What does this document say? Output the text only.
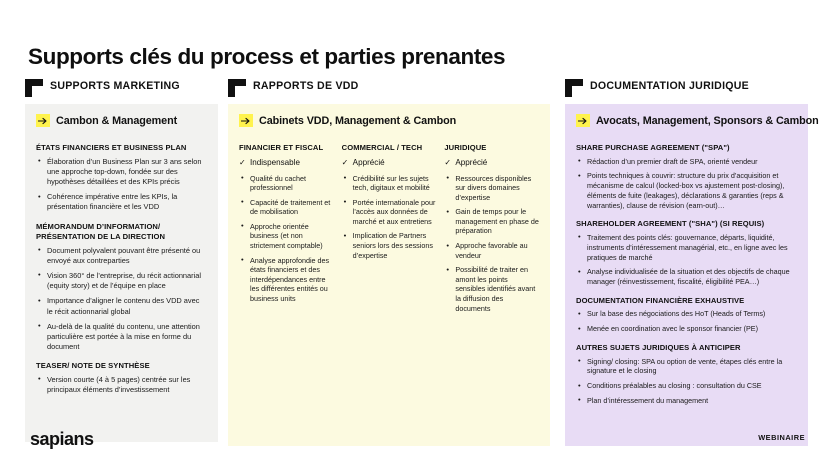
Supports clés du process et parties prenantes
SUPPORTS MARKETING
Cambon & Management
ÉTATS FINANCIERS ET BUSINESS PLAN
• Élaboration d’un Business Plan sur 3 ans selon une approche top-down, fondée sur des hypothèses détaillées et des KPIs précis
• Cohérence impérative entre les KPIs, la présentation financière et les VDD
MÉMORANDUM D’INFORMATION/ PRÉSENTATION DE LA DIRECTION
• Document polyvalent pouvant être présenté ou envoyé aux contreparties
• Vision 360° de l’entreprise, du récit actionnarial (equity story) et de l’équipe en place
• Importance d’aligner le contenu des VDD avec le récit actionnarial global
• Au-delà de la qualité du contenu, une attention particulière est portée à la mise en forme du document
TEASER/ NOTE DE SYNTHÈSE
• Version courte (4 à 5 pages) centrée sur les principaux éléments d’investissement
RAPPORTS DE VDD
Cabinets VDD, Management & Cambon
FINANCIER ET FISCAL
✓ Indispensable
• Qualité du cachet professionnel
• Capacité de traitement et de mobilisation
• Approche orientée business (et non strictement comptable)
• Analyse approfondie des états financiers et des interdépendances entre les différentes entités ou business units
COMMERCIAL / TECH
✓ Apprécié
• Crédibilité sur les sujets tech, digitaux et mobilité
• Portée internationale pour l’accès aux données de marché et aux entretiens
• Implication de Partners seniors lors des sessions d’expertise
JURIDIQUE
✓ Apprécié
• Ressources disponibles sur divers domaines d’expertise
• Gain de temps pour le management en phase de préparation
• Approche favorable au vendeur
• Possibilité de traiter en amont les points sensibles identifiés avant la diffusion des documents
DOCUMENTATION JURIDIQUE
Avocats, Management, Sponsors & Cambon
SHARE PURCHASE AGREEMENT ("SPA")
• Rédaction d’un premier draft de SPA, orienté vendeur
• Points techniques à couvrir: structure du prix d’acquisition et mécanisme de calcul (locked-box vs ajustement post-closing), éléments de fuite (leakages), déclarations & garanties (reps & warranties), clause de révision (earn-out)…
SHAREHOLDER AGREEMENT ("SHA") (SI REQUIS)
• Traitement des points clés: gouvernance, départs, liquidité, instruments d’intéressement managérial, etc., en ligne avec les pratiques de marché
• Analyse individualisée de la situation et des objectifs de chaque manager (réinvestissement, fiscalité, éligibilité PEA…)
DOCUMENTATION FINANCIÈRE EXHAUSTIVE
• Sur la base des négociations des HoT (Heads of Terms)
• Menée en coordination avec le sponsor financier (PE)
AUTRES SUJETS JURIDIQUES À ANTICIPER
• Signing/ closing: SPA ou option de vente, étapes clés entre la signature et le closing
• Conditions préalables au closing : consultation du CSE
• Plan d’intéressement du management
sapians	WEBINAIRE
